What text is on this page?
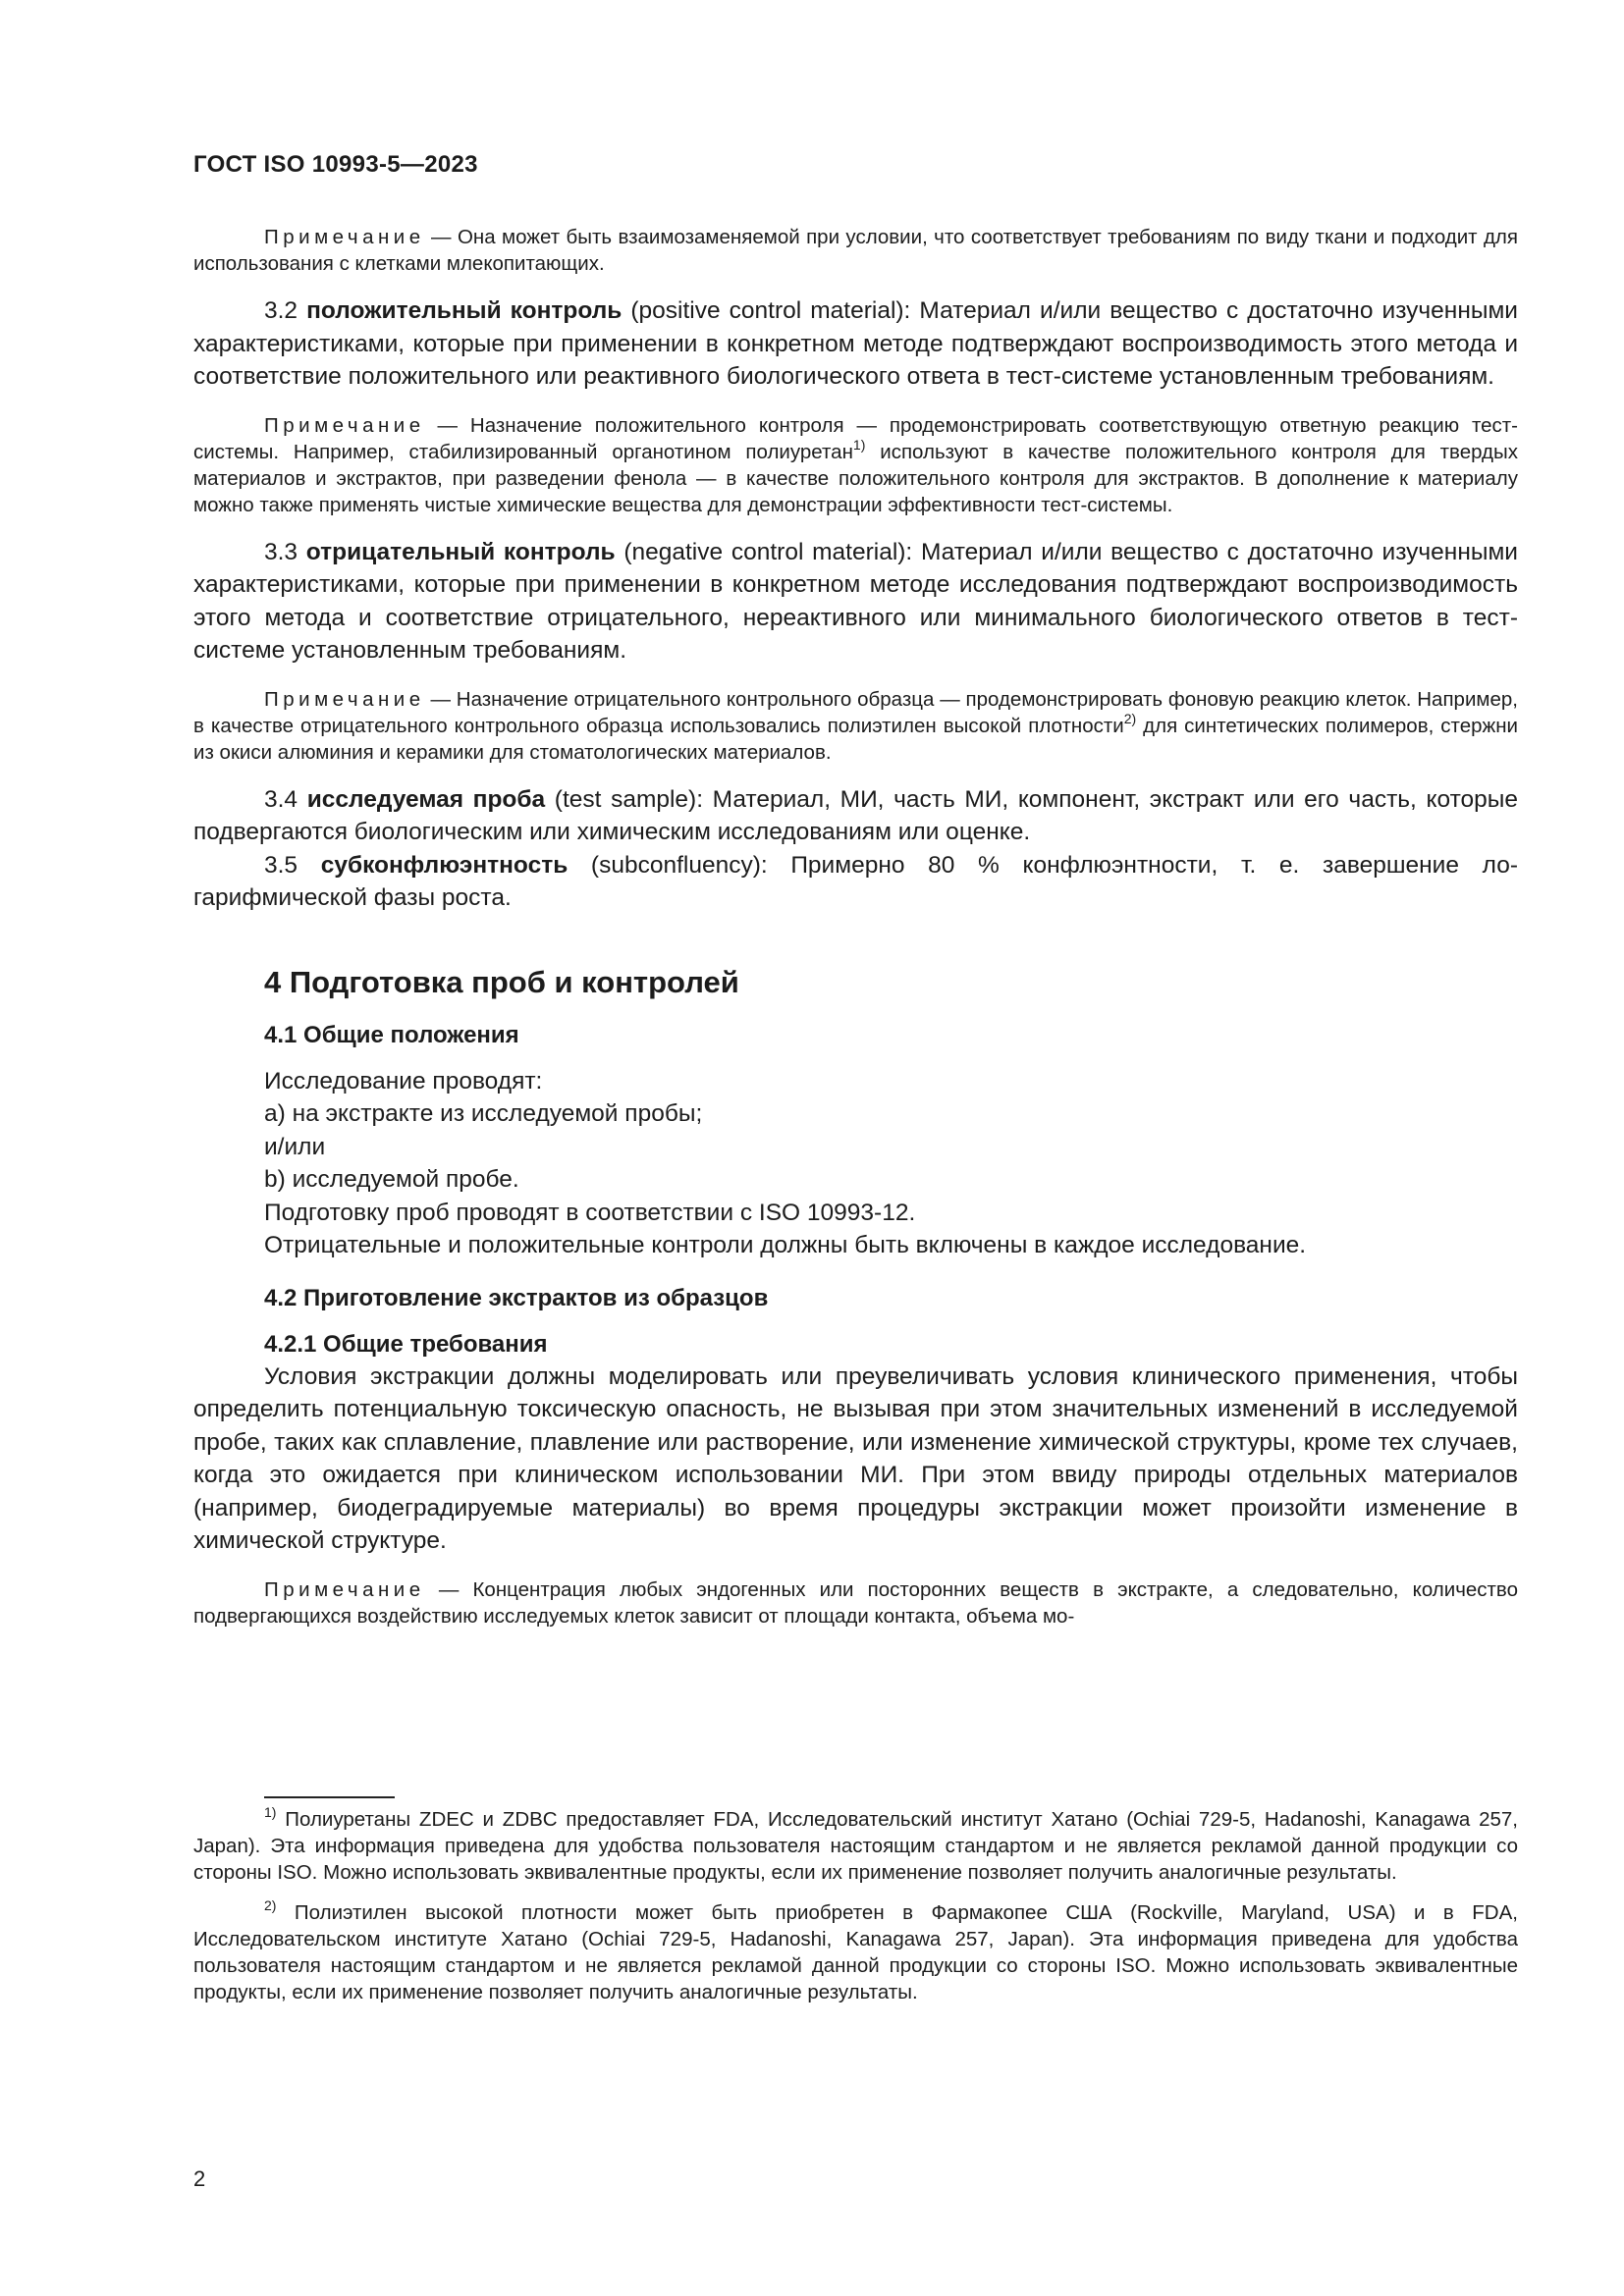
ГОСТ ISO 10993-5—2023

Примечание — Она может быть взаимозаменяемой при условии, что соответствует требованиям по виду ткани и подходит для использования с клетками млекопитающих.

3.2 положительный контроль (positive control material): Материал и/или вещество с достаточно изученными характеристиками, которые при применении в конкретном методе подтверждают воспроизводимость этого метода и соответствие положительного или реактивного биологического ответа в тест-системе установленным требованиям.

Примечание — Назначение положительного контроля — продемонстрировать соответствующую ответную реакцию тест-системы. Например, стабилизированный органотином полиуретан$^{1)}$ используют в качестве положительного контроля для твердых материалов и экстрактов, при разведении фенола — в качестве положительного контроля для экстрактов. В дополнение к материалу можно также применять чистые химические вещества для демонстрации эффективности тест-системы.

3.3 отрицательный контроль (negative control material): Материал и/или вещество с достаточно изученными характеристиками, которые при применении в конкретном методе исследования подтверждают воспроизводимость этого метода и соответствие отрицательного, нереактивного или минимального биологического ответов в тест-системе установленным требованиям.

Примечание — Назначение отрицательного контрольного образца — продемонстрировать фоновую реакцию клеток. Например, в качестве отрицательного контрольного образца использовались полиэтилен высокой плотности$^{2)}$ для синтетических полимеров, стержни из окиси алюминия и керамики для стоматологических материалов.

3.4 исследуемая проба (test sample): Материал, МИ, часть МИ, компонент, экстракт или его часть, которые подвергаются биологическим или химическим исследованиям или оценке.

3.5 субконфлюэнтность (subconfluency): Примерно 80 % конфлюэнтности, т. е. завершение логарифмической фазы роста.

4 Подготовка проб и контролей
4.1 Общие положения
Исследование проводят:
a) на экстракте из исследуемой пробы;
и/или
b) исследуемой пробе.
Подготовку проб проводят в соответствии с ISO 10993-12.
Отрицательные и положительные контроли должны быть включены в каждое исследование.
4.2 Приготовление экстрактов из образцов
4.2.1 Общие требования

Условия экстракции должны моделировать или преувеличивать условия клинического применения, чтобы определить потенциальную токсическую опасность, не вызывая при этом значительных изменений в исследуемой пробе, таких как сплавление, плавление или растворение, или изменение химической структуры, кроме тех случаев, когда это ожидается при клиническом использовании МИ. При этом ввиду природы отдельных материалов (например, биодеградируемые материалы) во время процедуры экстракции может произойти изменение в химической структуре.

Примечание — Концентрация любых эндогенных или посторонних веществ в экстракте, а следовательно, количество подвергающихся воздействию исследуемых клеток зависит от площади контакта, объема мо-

$^{1)}$ Полиуретаны ZDEC и ZDBC предоставляет FDA, Исследовательский институт Хатано (Ochiai 729-5, Hadanoshi, Kanagawa 257, Japan). Эта информация приведена для удобства пользователя настоящим стандартом и не является рекламой данной продукции со стороны ISO. Можно использовать эквивалентные продукты, если их применение позволяет получить аналогичные результаты.

$^{2)}$ Полиэтилен высокой плотности может быть приобретен в Фармакопее США (Rockville, Maryland, USA) и в FDA, Исследовательском институте Хатано (Ochiai 729-5, Hadanoshi, Kanagawa 257, Japan). Эта информация приведена для удобства пользователя настоящим стандартом и не является рекламой данной продукции со стороны ISO. Можно использовать эквивалентные продукты, если их применение позволяет получить аналогичные результаты.

2
